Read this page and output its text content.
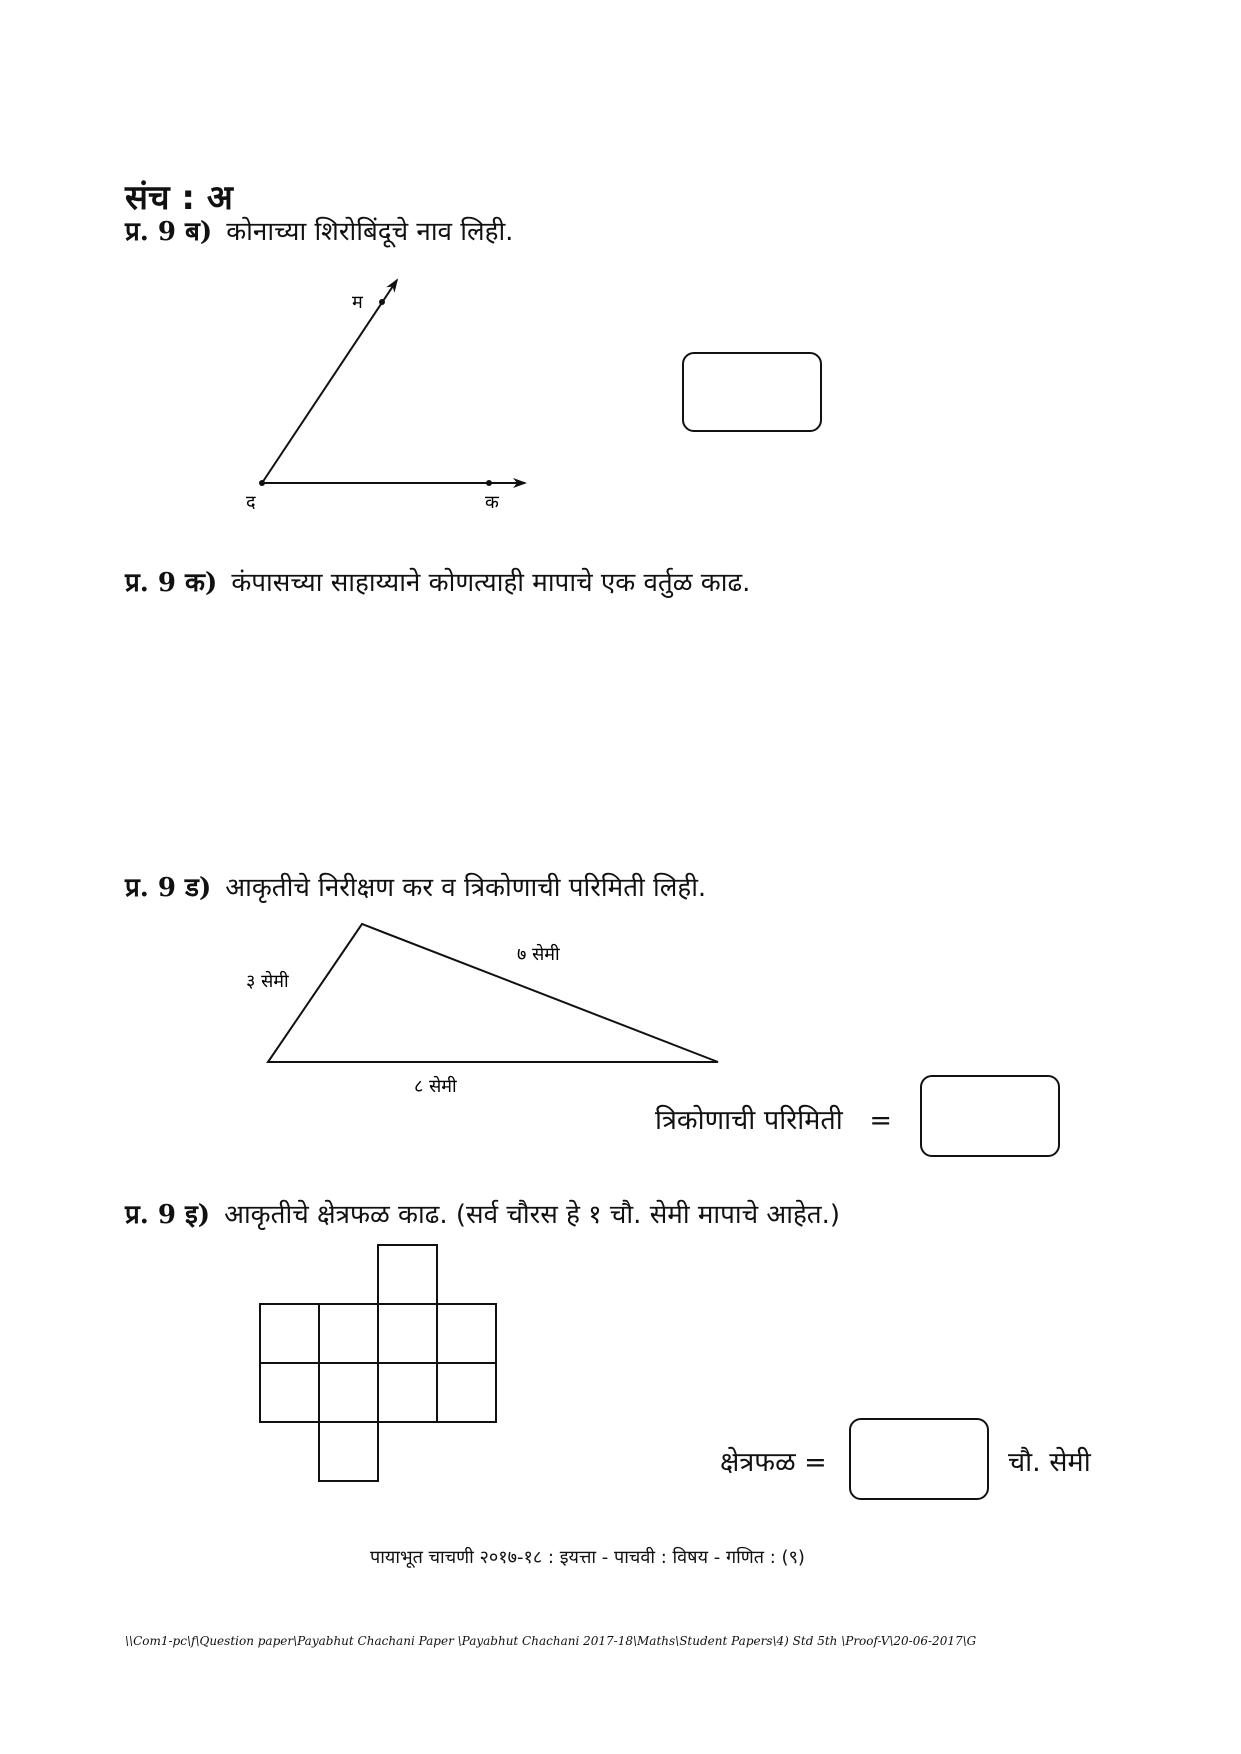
संच : अ
प्र. 9 ब) कोनाच्या शिरोबिंदूचे नाव लिही.
प्र. 9 क) कंपासच्या साहाय्याने कोणत्याही मापाचे एक वर्तुळ काढ.
प्र. 9 ड) आकृतीचे निरीक्षण कर व त्रिकोणाची परिमिती लिही.
प्र. 9 इ) आकृतीचे क्षेत्रफळ काढ. (सर्व चौरस हे १ चौ. सेमी मापाचे आहेत.)
म
द	क
३ सेमी
७ सेमी
८ सेमी
त्रिकोणाची परिमिती =
क्षेत्रफळ =	चौ. सेमी
पायाभूत चाचणी २०१७-१८ : इयत्ता - पाचवी : विषय - गणित : (९)
\\Com1-pc\f\Question paper\Payabhut Chachani Paper \Payabhut Chachani 2017-18\Maths\Student Papers\4) Std 5th \Proof-V\20-06-2017\G
